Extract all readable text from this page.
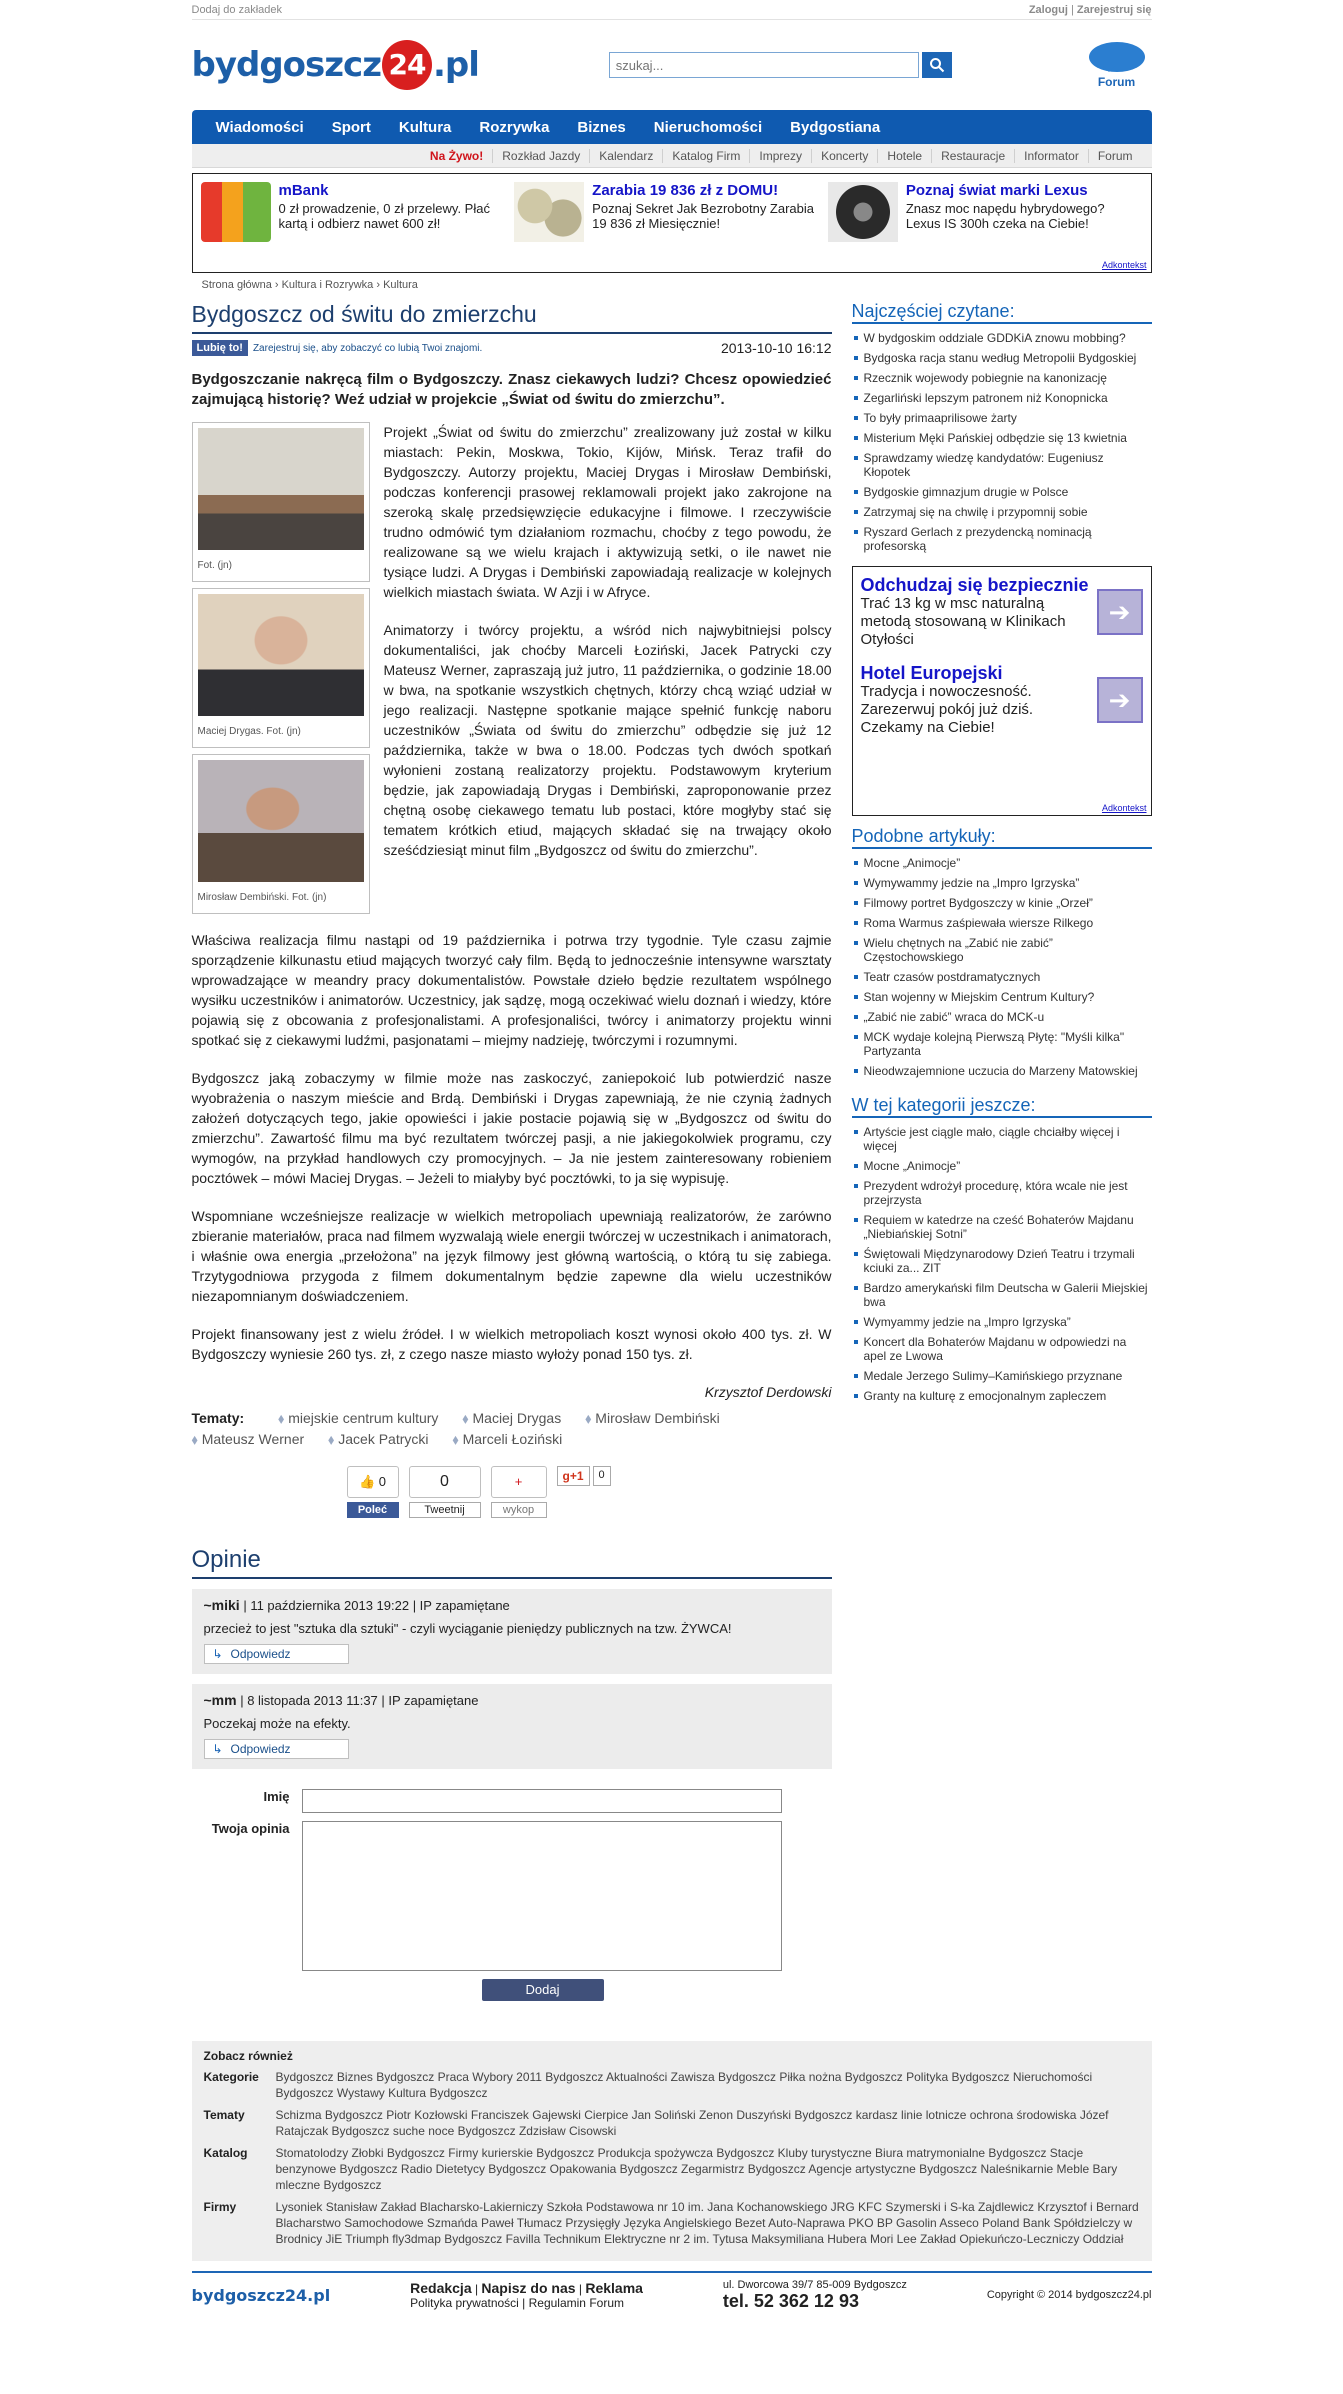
Dodaj do zakładek	Zaloguj | Zarejestruj się
bydgoszcz 24 .pl
szukaj...	Forum
Wiadomości	Sport	Kultura	Rozrywka	Biznes	Nieruchomości	Bydgostiana
Na Żywo!	Rozkład Jazdy	Kalendarz	Katalog Firm	Imprezy	Koncerty	Hotele	Restauracje	Informator	Forum
mBank
0 zł prowadzenie, 0 zł przelewy. Płać kartą i odbierz nawet 600 zł!
Zarabia 19 836 zł z DOMU!
Poznaj Sekret Jak Bezrobotny Zarabia 19 836 zł Miesięcznie!
Poznaj świat marki Lexus
Znasz moc napędu hybrydowego? Lexus IS 300h czeka na Ciebie!
Adkontekst
Strona główna › Kultura i Rozrywka › Kultura
Bydgoszcz od świtu do zmierzchu
Lubię to!	Zarejestruj się, aby zobaczyć co lubią Twoi znajomi.	2013-10-10 16:12
Bydgoszczanie nakręcą film o Bydgoszczy. Znasz ciekawych ludzi? Chcesz opowiedzieć zajmującą historię? Weź udział w projekcie „Świat od świtu do zmierzchu”.
Fot. (jn)
Maciej Drygas. Fot. (jn)
Mirosław Dembiński. Fot. (jn)

Projekt „Świat od świtu do zmierzchu” zrealizowany już został w kilku miastach: Pekin, Moskwa, Tokio, Kijów, Mińsk. Teraz trafił do Bydgoszczy. Autorzy projektu, Maciej Drygas i Mirosław Dembiński, podczas konferencji prasowej reklamowali projekt jako zakrojone na szeroką skalę przedsięwzięcie edukacyjne i filmowe. I rzeczywiście trudno odmówić tym działaniom rozmachu, choćby z tego powodu, że realizowane są we wielu krajach i aktywizują setki, o ile nawet nie tysiące ludzi. A Drygas i Dembiński zapowiadają realizacje w kolejnych wielkich miastach świata. W Azji i w Afryce.

Animatorzy i twórcy projektu, a wśród nich najwybitniejsi polscy dokumentaliści, jak choćby Marceli Łoziński, Jacek Patrycki czy Mateusz Werner, zapraszają już jutro, 11 października, o godzinie 18.00 w bwa, na spotkanie wszystkich chętnych, którzy chcą wziąć udział w jego realizacji. Następne spotkanie mające spełnić funkcję naboru uczestników „Świata od świtu do zmierzchu” odbędzie się już 12 października, także w bwa o 18.00. Podczas tych dwóch spotkań wyłonieni zostaną realizatorzy projektu. Podstawowym kryterium będzie, jak zapowiadają Drygas i Dembiński, zaproponowanie przez chętną osobę ciekawego tematu lub postaci, które mogłyby stać się tematem krótkich etiud, mających składać się na trwający około sześćdziesiąt minut film „Bydgoszcz od świtu do zmierzchu”.

Właściwa realizacja filmu nastąpi od 19 października i potrwa trzy tygodnie. Tyle czasu zajmie sporządzenie kilkunastu etiud mających tworzyć cały film. Będą to jednocześnie intensywne warsztaty wprowadzające w meandry pracy dokumentalistów. Powstałe dzieło będzie rezultatem wspólnego wysiłku uczestników i animatorów. Uczestnicy, jak sądzę, mogą oczekiwać wielu doznań i wiedzy, które pojawią się z obcowania z profesjonalistami. A profesjonaliści, twórcy i animatorzy projektu winni spotkać się z ciekawymi ludźmi, pasjonatami – miejmy nadzieję, twórczymi i rozumnymi.

Bydgoszcz jaką zobaczymy w filmie może nas zaskoczyć, zaniepokoić lub potwierdzić nasze wyobrażenia o naszym mieście and Brdą. Dembiński i Drygas zapewniają, że nie czynią żadnych założeń dotyczących tego, jakie opowieści i jakie postacie pojawią się w „Bydgoszcz od świtu do zmierzchu”. Zawartość filmu ma być rezultatem twórczej pasji, a nie jakiegokolwiek programu, czy wymogów, na przykład handlowych czy promocyjnych. – Ja nie jestem zainteresowany robieniem pocztówek – mówi Maciej Drygas. – Jeżeli to miałyby być pocztówki, to ja się wypisuję.

Wspomniane wcześniejsze realizacje w wielkich metropoliach upewniają realizatorów, że zarówno zbieranie materiałów, praca nad filmem wyzwalają wiele energii twórczej w uczestnikach i animatorach, i właśnie owa energia „przełożona” na język filmowy jest główną wartością, o którą tu się zabiega. Trzytygodniowa przygoda z filmem dokumentalnym będzie zapewne dla wielu uczestników niezapomnianym doświadczeniem.

Projekt finansowany jest z wielu źródeł. I w wielkich metropoliach koszt wynosi około 400 tys. zł. W Bydgoszczy wyniesie 260 tys. zł, z czego nasze miasto wyłoży ponad 150 tys. zł.

Krzysztof Derdowski
Tematy:	⬧ miejskie centrum kultury ⬧ Maciej Drygas ⬧ Mirosław Dembiński
⬧ Mateusz Werner ⬧ Jacek Patrycki ⬧ Marceli Łoziński
👍 0
Poleć
0
Tweetnij
+
wykop
g+1	0
Opinie
~miki | 11 października 2013 19:22 | IP zapamiętane
przecież to jest "sztuka dla sztuki" - czyli wyciąganie pieniędzy publicznych na tzw. ŻYWCA!
↳ Odpowiedz
~mm | 8 listopada 2013 11:37 | IP zapamiętane
Poczekaj może na efekty.
↳ Odpowiedz
Imię
Twoja opinia
Dodaj
Najczęściej czytane:
W bydgoskim oddziale GDDKiA znowu mobbing?
Bydgoska racja stanu według Metropolii Bydgoskiej
Rzecznik wojewody pobiegnie na kanonizację
Zegarliński lepszym patronem niż Konopnicka
To były primaaprilisowe żarty
Misterium Męki Pańskiej odbędzie się 13 kwietnia
Sprawdzamy wiedzę kandydatów: Eugeniusz Kłopotek
Bydgoskie gimnazjum drugie w Polsce
Zatrzymaj się na chwilę i przypomnij sobie
Ryszard Gerlach z prezydencką nominacją profesorską
Odchudzaj się bezpiecznie
Trać 13 kg w msc naturalną metodą stosowaną w Klinikach Otyłości
➔
Hotel Europejski
Tradycja i nowoczesność. Zarezerwuj pokój już dziś. Czekamy na Ciebie!
➔
Adkontekst
Podobne artykuły:
Mocne „Animocje”
Wymywammy jedzie na „Impro Igrzyska”
Filmowy portret Bydgoszczy w kinie „Orzeł”
Roma Warmus zaśpiewała wiersze Rilkego
Wielu chętnych na „Zabić nie zabić” Częstochowskiego
Teatr czasów postdramatycznych
Stan wojenny w Miejskim Centrum Kultury?
„Zabić nie zabić” wraca do MCK-u
MCK wydaje kolejną Pierwszą Płytę: "Myśli kilka" Partyzanta
Nieodwzajemnione uczucia do Marzeny Matowskiej
W tej kategorii jeszcze:
Artyście jest ciągle mało, ciągle chciałby więcej i więcej
Mocne „Animocje”
Prezydent wdrożył procedurę, która wcale nie jest przejrzysta
Requiem w katedrze na cześć Bohaterów Majdanu „Niebiańskiej Sotni”
Świętowali Międzynarodowy Dzień Teatru i trzymali kciuki za... ZIT
Bardzo amerykański film Deutscha w Galerii Miejskiej bwa
Wymyammy jedzie na „Impro Igrzyska”
Koncert dla Bohaterów Majdanu w odpowiedzi na apel ze Lwowa
Medale Jerzego Sulimy–Kamińskiego przyznane
Granty na kulturę z emocjonalnym zapleczem
Zobacz również
Kategorie	Bydgoszcz Biznes Bydgoszcz Praca Wybory 2011 Bydgoszcz Aktualności Zawisza Bydgoszcz Piłka nożna Bydgoszcz Polityka Bydgoszcz Nieruchomości Bydgoszcz Wystawy Kultura Bydgoszcz
Tematy	Schizma Bydgoszcz Piotr Kozłowski Franciszek Gajewski Cierpice Jan Soliński Zenon Duszyński Bydgoszcz kardasz linie lotnicze ochrona środowiska Józef Ratajczak Bydgoszcz suche noce Bydgoszcz Zdzisław Cisowski
Katalog	Stomatolodzy Złobki Bydgoszcz Firmy kurierskie Bydgoszcz Produkcja spożywcza Bydgoszcz Kluby turystyczne Biura matrymonialne Bydgoszcz Stacje benzynowe Bydgoszcz Radio Dietetycy Bydgoszcz Opakowania Bydgoszcz Zegarmistrz Bydgoszcz Agencje artystyczne Bydgoszcz Naleśnikarnie Meble Bary mleczne Bydgoszcz
Firmy	Lysoniek Stanisław Zakład Blacharsko-Lakierniczy Szkoła Podstawowa nr 10 im. Jana Kochanowskiego JRG KFC Szymerski i S-ka Zajdlewicz Krzysztof i Bernard Blacharstwo Samochodowe Szmańda Paweł Tłumacz Przysięgły Języka Angielskiego Bezet Auto-Naprawa PKO BP Gasolin Asseco Poland Bank Spółdzielczy w Brodnicy JiE Triumph fly3dmap Bydgoszcz Favilla Technikum Elektryczne nr 2 im. Tytusa Maksymiliana Hubera Mori Lee Zakład Opiekuńczo-Leczniczy Oddział
bydgoszcz24.pl	Redakcja | Napisz do nas | Reklama
Polityka prywatności | Regulamin Forum
ul. Dworcowa 39/7 85-009 Bydgoszcz
tel. 52 362 12 93	Copyright © 2014 bydgoszcz24.pl
